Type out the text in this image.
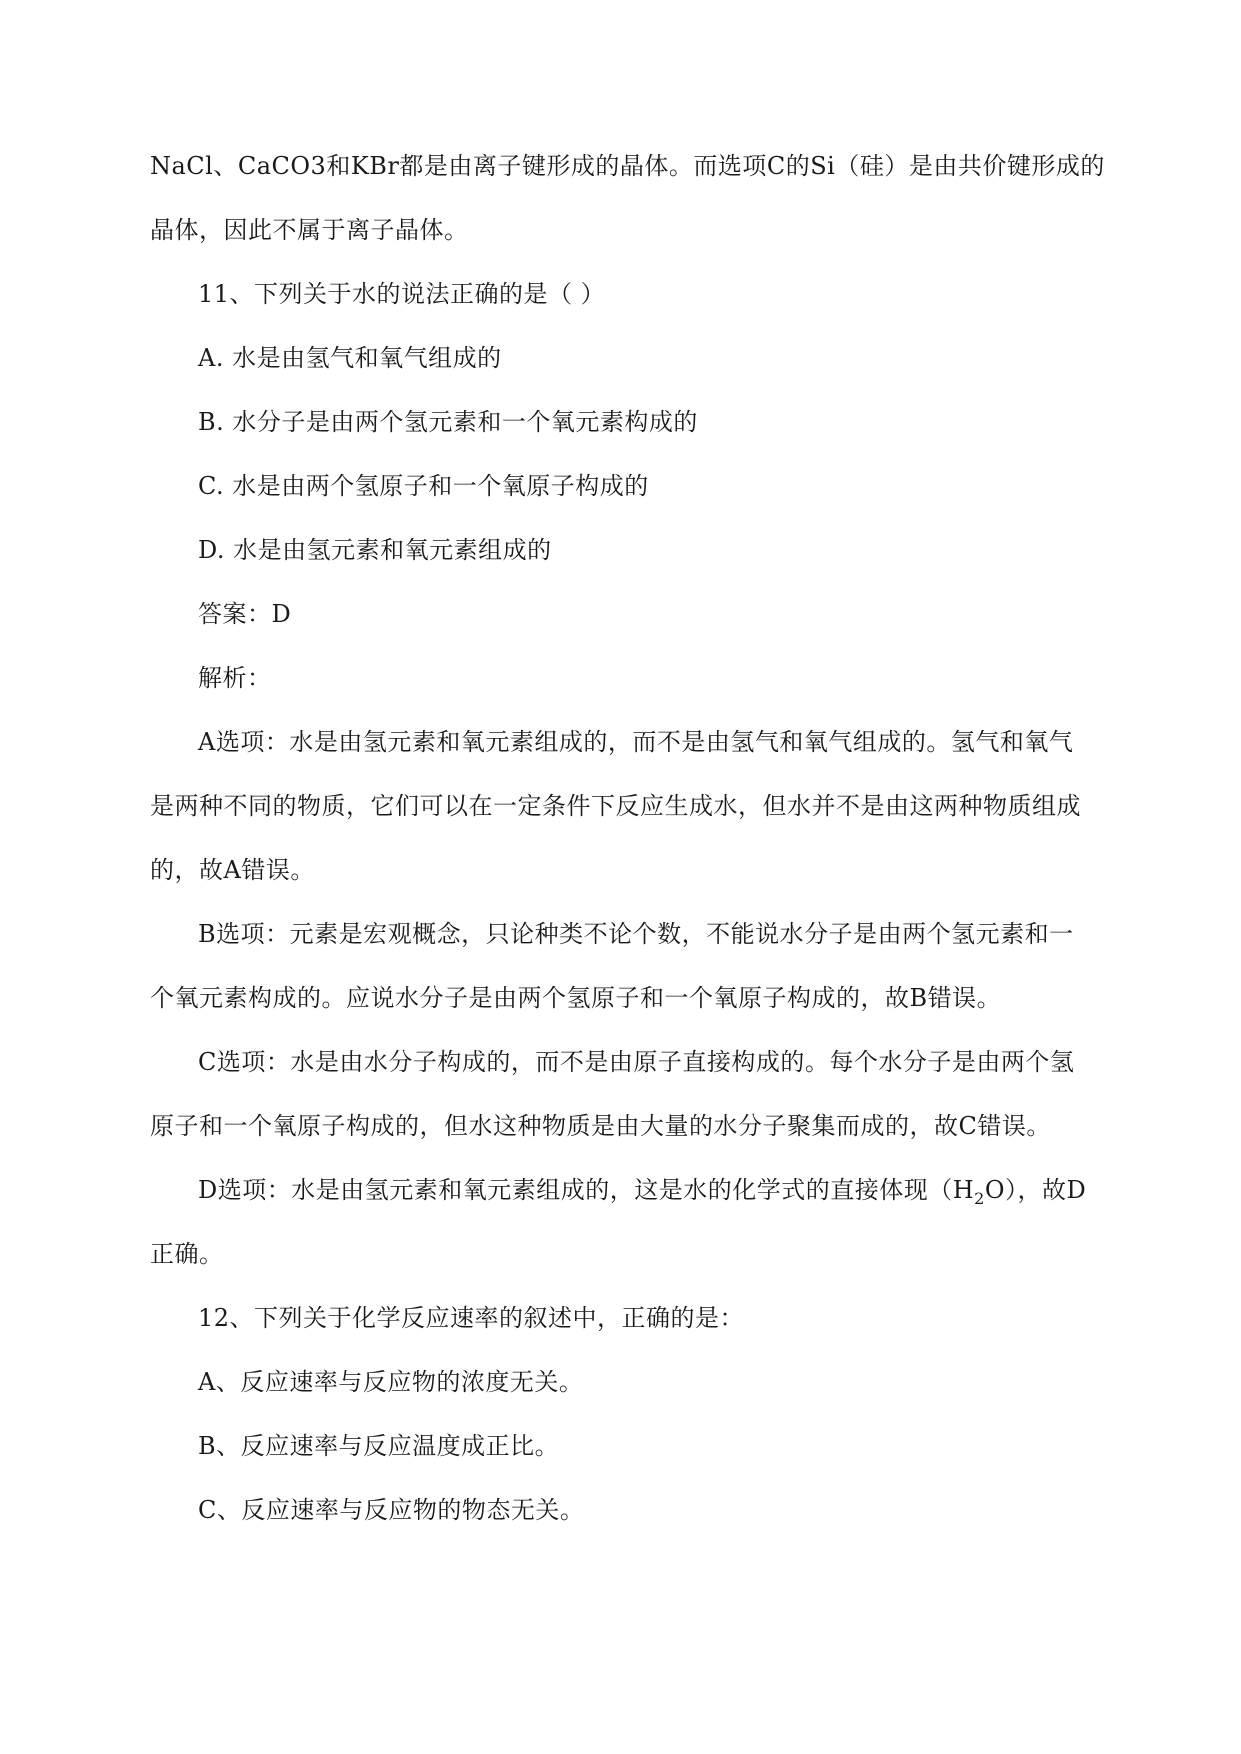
NaCl、CaCO3和KBr都是由离子键形成的晶体。而选项C的Si（硅）是由共价键形成的
晶体，因此不属于离子晶体。
11、下列关于水的说法正确的是（ ）
A. 水是由氢气和氧气组成的
B. 水分子是由两个氢元素和一个氧元素构成的
C. 水是由两个氢原子和一个氧原子构成的
D. 水是由氢元素和氧元素组成的
答案：D
解析：
A选项：水是由氢元素和氧元素组成的，而不是由氢气和氧气组成的。氢气和氧气
是两种不同的物质，它们可以在一定条件下反应生成水，但水并不是由这两种物质组成
的，故A错误。
B选项：元素是宏观概念，只论种类不论个数，不能说水分子是由两个氢元素和一
个氧元素构成的。应说水分子是由两个氢原子和一个氧原子构成的，故B错误。
C选项：水是由水分子构成的，而不是由原子直接构成的。每个水分子是由两个氢
原子和一个氧原子构成的，但水这种物质是由大量的水分子聚集而成的，故C错误。
D选项：水是由氢元素和氧元素组成的，这是水的化学式的直接体现$(H_2O)$，故D
正确。
12、下列关于化学反应速率的叙述中，正确的是：
A、反应速率与反应物的浓度无关。
B、反应速率与反应温度成正比。
C、反应速率与反应物的物态无关。
